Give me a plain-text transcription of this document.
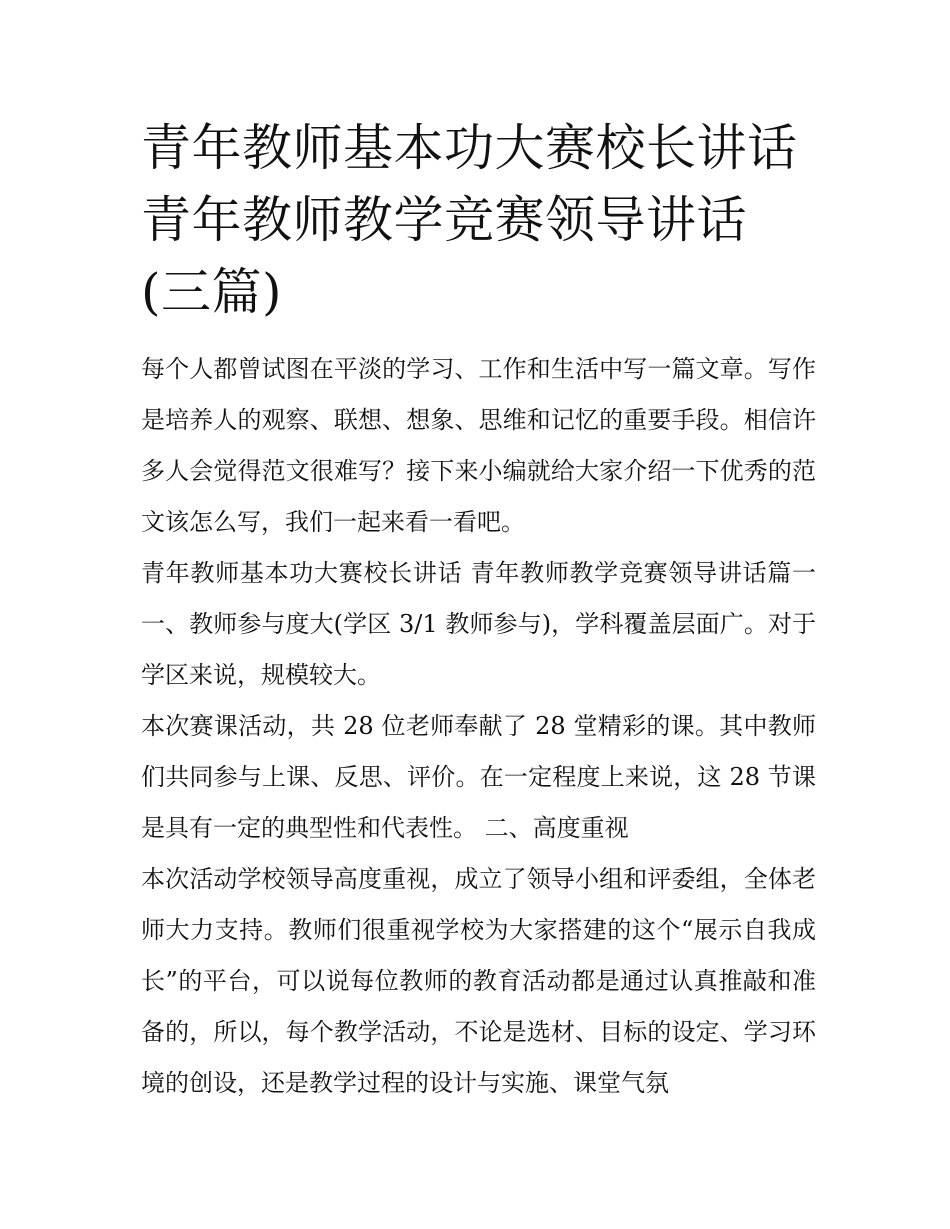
青年教师基本功大赛校长讲话 青年教师教学竞赛领导讲话(三篇)

每个人都曾试图在平淡的学习、工作和生活中写一篇文章。写作是培养人的观察、联想、想象、思维和记忆的重要手段。相信许多人会觉得范文很难写？接下来小编就给大家介绍一下优秀的范文该怎么写，我们一起来看一看吧。

青年教师基本功大赛校长讲话 青年教师教学竞赛领导讲话篇一 一、教师参与度大(学区 3/1 教师参与)，学科覆盖层面广。对于学区来说，规模较大。

本次赛课活动，共 28 位老师奉献了 28 堂精彩的课。其中教师们共同参与上课、反思、评价。在一定程度上来说，这 28 节课是具有一定的典型性和代表性。 二、高度重视

本次活动学校领导高度重视，成立了领导小组和评委组，全体老师大力支持。教师们很重视学校为大家搭建的这个“展示自我成长”的平台，可以说每位教师的教育活动都是通过认真推敲和准备的，所以，每个教学活动，不论是选材、目标的设定、学习环境的创设，还是教学过程的设计与实施、课堂气氛
